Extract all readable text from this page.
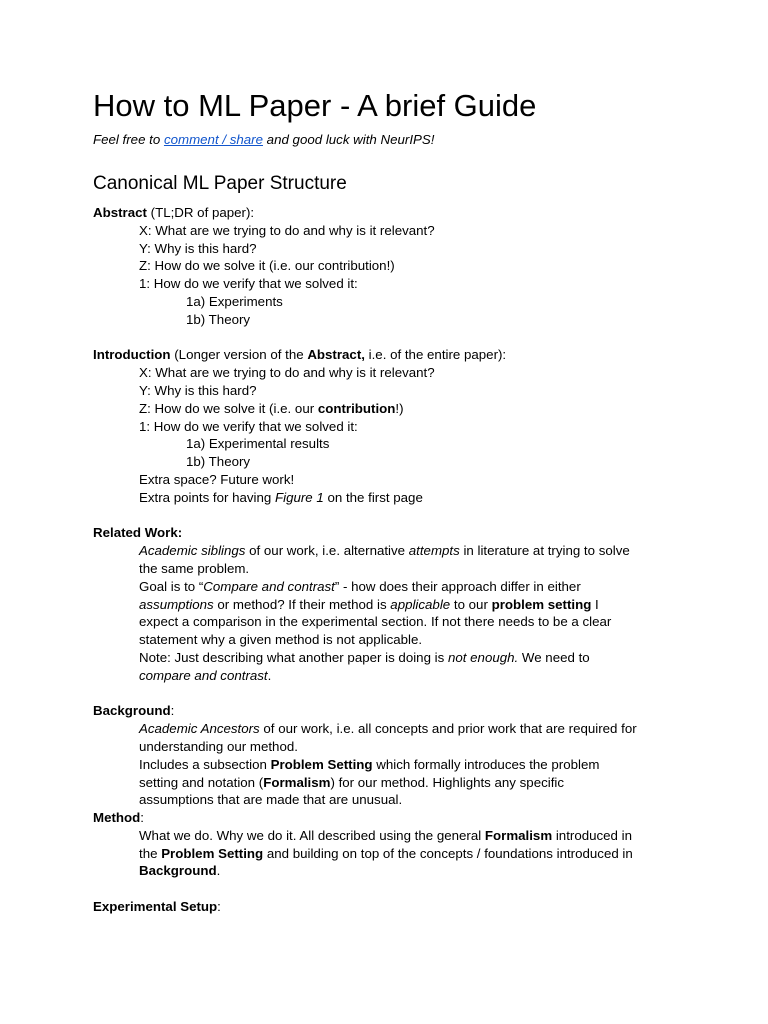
How to ML Paper - A brief Guide

Feel free to comment / share and good luck with NeurIPS!

Canonical ML Paper Structure

Abstract (TL;DR of paper):

X: What are we trying to do and why is it relevant?

Y: Why is this hard?

Z: How do we solve it (i.e. our contribution!)

1: How do we verify that we solved it:

1a) Experiments

1b) Theory

Introduction (Longer version of the Abstract, i.e. of the entire paper):

X: What are we trying to do and why is it relevant?

Y: Why is this hard?

Z: How do we solve it (i.e. our contribution!)

1: How do we verify that we solved it:

1a) Experimental results

1b) Theory

Extra space? Future work!

Extra points for having Figure 1 on the first page

Related Work:

Academic siblings of our work, i.e. alternative attempts in literature at trying to solve

the same problem.

Goal is to “Compare and contrast” - how does their approach differ in either

assumptions or method? If their method is applicable to our problem setting I

expect a comparison in the experimental section. If not there needs to be a clear

statement why a given method is not applicable.

Note: Just describing what another paper is doing is not enough. We need to

compare and contrast.

Background:

Academic Ancestors of our work, i.e. all concepts and prior work that are required for

understanding our method.

Includes a subsection Problem Setting which formally introduces the problem

setting and notation (Formalism) for our method. Highlights any specific

assumptions that are made that are unusual.

Method:

What we do. Why we do it. All described using the general Formalism introduced in

the Problem Setting and building on top of the concepts / foundations introduced in

Background.

Experimental Setup:
